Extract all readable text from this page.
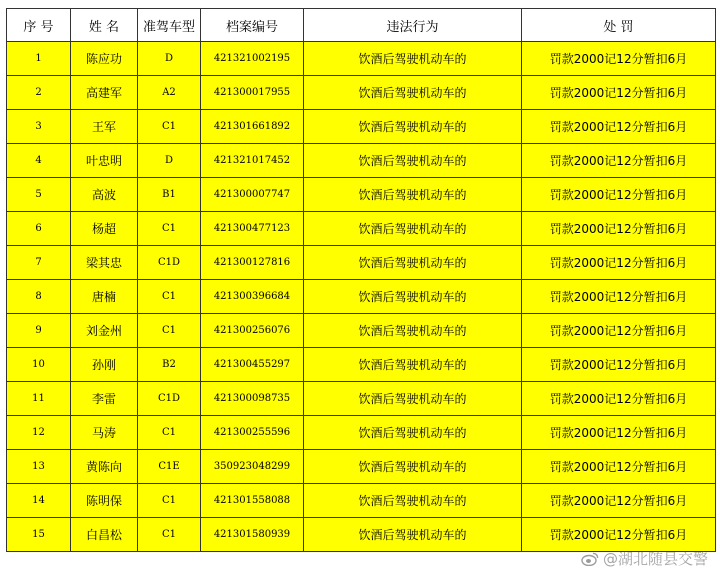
序 号	姓 名	准驾车型	档案编号	违法行为	处 罚
1	陈应功	D	421321002195	饮酒后驾驶机动车的	罚款2000记12分暂扣6月
2	高建军	A2	421300017955	饮酒后驾驶机动车的	罚款2000记12分暂扣6月
3	王军	C1	421301661892	饮酒后驾驶机动车的	罚款2000记12分暂扣6月
4	叶忠明	D	421321017452	饮酒后驾驶机动车的	罚款2000记12分暂扣6月
5	高波	B1	421300007747	饮酒后驾驶机动车的	罚款2000记12分暂扣6月
6	杨超	C1	421300477123	饮酒后驾驶机动车的	罚款2000记12分暂扣6月
7	梁其忠	C1D	421300127816	饮酒后驾驶机动车的	罚款2000记12分暂扣6月
8	唐楠	C1	421300396684	饮酒后驾驶机动车的	罚款2000记12分暂扣6月
9	刘金州	C1	421300256076	饮酒后驾驶机动车的	罚款2000记12分暂扣6月
10	孙刚	B2	421300455297	饮酒后驾驶机动车的	罚款2000记12分暂扣6月
11	李雷	C1D	421300098735	饮酒后驾驶机动车的	罚款2000记12分暂扣6月
12	马涛	C1	421300255596	饮酒后驾驶机动车的	罚款2000记12分暂扣6月
13	黄陈向	C1E	350923048299	饮酒后驾驶机动车的	罚款2000记12分暂扣6月
14	陈明保	C1	421301558088	饮酒后驾驶机动车的	罚款2000记12分暂扣6月
15	白昌松	C1	421301580939	饮酒后驾驶机动车的	罚款2000记12分暂扣6月
@湖北随县交警
